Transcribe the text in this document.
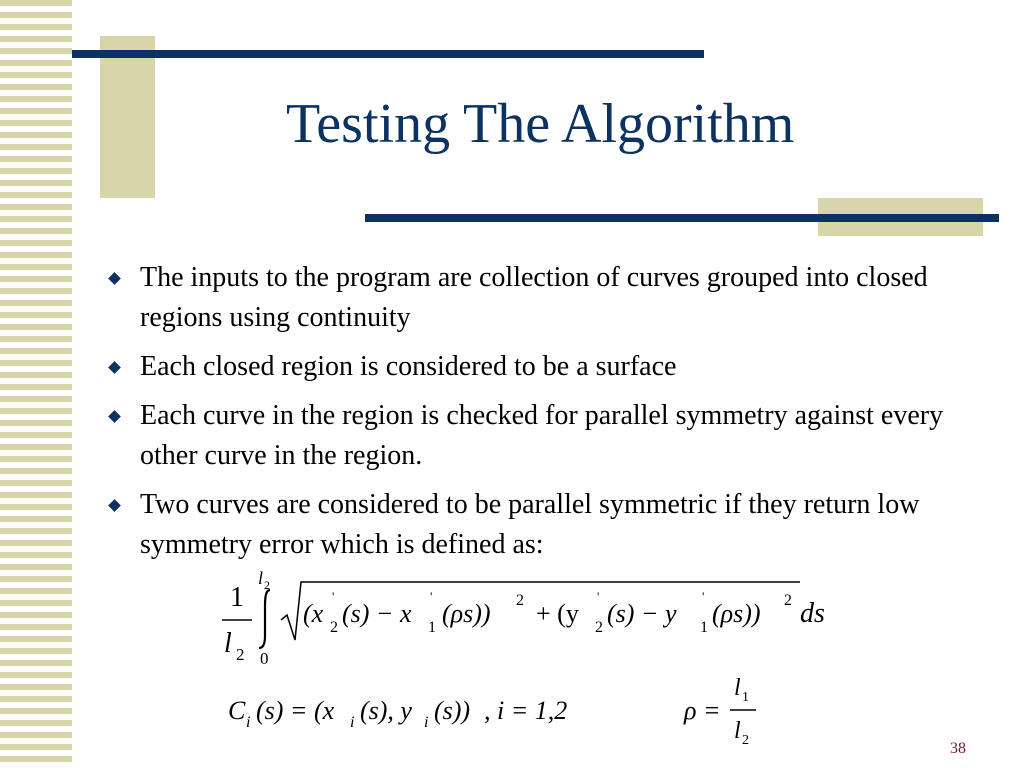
Testing The Algorithm
The inputs to the program are collection of curves grouped into closed regions using continuity
Each closed region is considered to be a surface
Each curve in the region is checked for parallel symmetry against every other curve in the region.
Two curves are considered to be parallel symmetric if they return low symmetry error which is defined as:
1
l 2
l 2
0
(x
'
2 (s) − x
'
1 (ρs)) 2 + (y
'
2 (s) − y
'
1 (ρs)) 2 ds
C i (s) = (x i (s), y i (s)) , i = 1,2	ρ =
l 1
l 2	38
